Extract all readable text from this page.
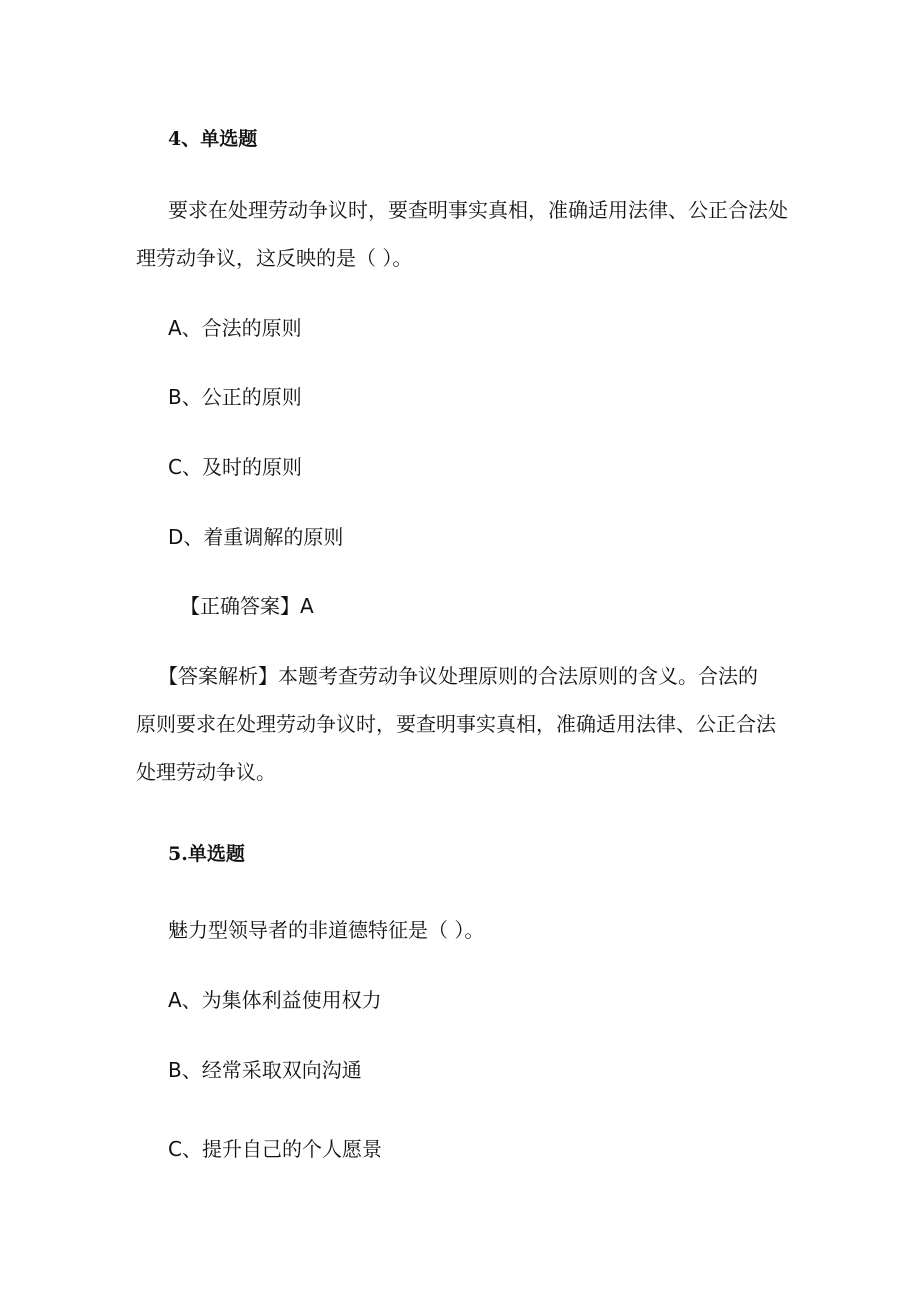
4、单选题
要求在处理劳动争议时，要查明事实真相，准确适用法律、公正合法处
理劳动争议，这反映的是（ ）。
A、合法的原则
B、公正的原则
C、及时的原则
D、着重调解的原则
【正确答案】A
【答案解析】本题考查劳动争议处理原则的合法原则的含义。合法的
原则要求在处理劳动争议时，要查明事实真相，准确适用法律、公正合法
处理劳动争议。
5.单选题
魅力型领导者的非道德特征是（ ）。
A、为集体利益使用权力
B、经常采取双向沟通
C、提升自己的个人愿景
